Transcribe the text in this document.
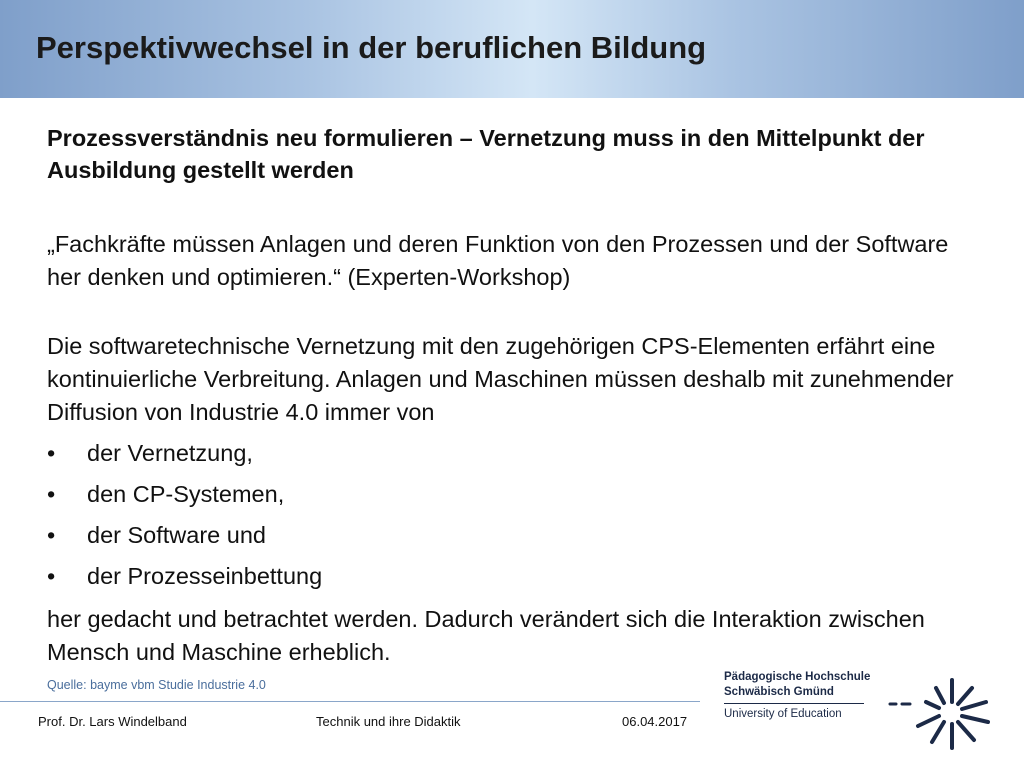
Perspektivwechsel in der beruflichen Bildung

Prozessverständnis neu formulieren – Vernetzung muss in den Mittelpunkt der Ausbildung gestellt werden

„Fachkräfte müssen Anlagen und deren Funktion von den Prozessen und der Software her denken und optimieren.“ (Experten-Workshop)

Die softwaretechnische Vernetzung mit den zugehörigen CPS-Elementen erfährt eine kontinuierliche Verbreitung. Anlagen und Maschinen müssen deshalb mit zunehmender Diffusion von Industrie 4.0 immer von

• der Vernetzung,
• den CP-Systemen,
• der Software und
• der Prozesseinbettung

her gedacht und betrachtet werden. Dadurch verändert sich die Interaktion zwischen Mensch und Maschine erheblich.

Quelle: bayme vbm Studie Industrie 4.0
Prof. Dr. Lars Windelband	Technik und ihre Didaktik	06.04.2017
Pädagogische Hochschule
Schwäbisch Gmünd
University of Education
